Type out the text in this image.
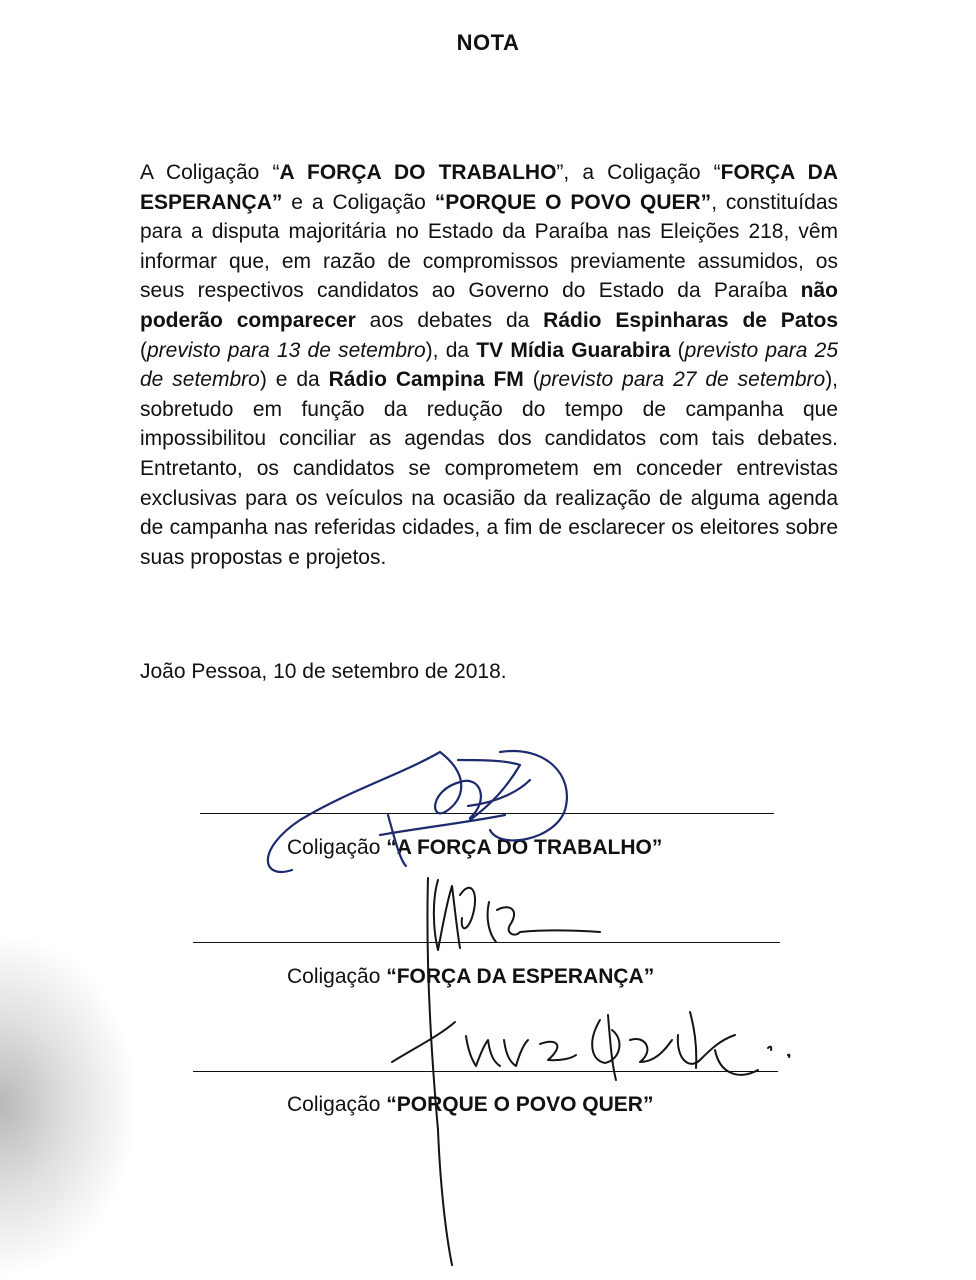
NOTA
A Coligação “A FORÇA DO TRABALHO”, a Coligação “FORÇA DA ESPERANÇA” e a Coligação “PORQUE O POVO QUER”, constituídas para a disputa majoritária no Estado da Paraíba nas Eleições 218, vêm informar que, em razão de compromissos previamente assumidos, os seus respectivos candidatos ao Governo do Estado da Paraíba não poderão comparecer aos debates da Rádio Espinharas de Patos (previsto para 13 de setembro), da TV Mídia Guarabira (previsto para 25 de setembro) e da Rádio Campina FM (previsto para 27 de setembro), sobretudo em função da redução do tempo de campanha que impossibilitou conciliar as agendas dos candidatos com tais debates. Entretanto, os candidatos se comprometem em conceder entrevistas exclusivas para os veículos na ocasião da realização de alguma agenda de campanha nas referidas cidades, a fim de esclarecer os eleitores sobre suas propostas e projetos.
João Pessoa, 10 de setembro de 2018.
Coligação “A FORÇA DO TRABALHO”
Coligação “FORÇA DA ESPERANÇA”
Coligação “PORQUE O POVO QUER”
